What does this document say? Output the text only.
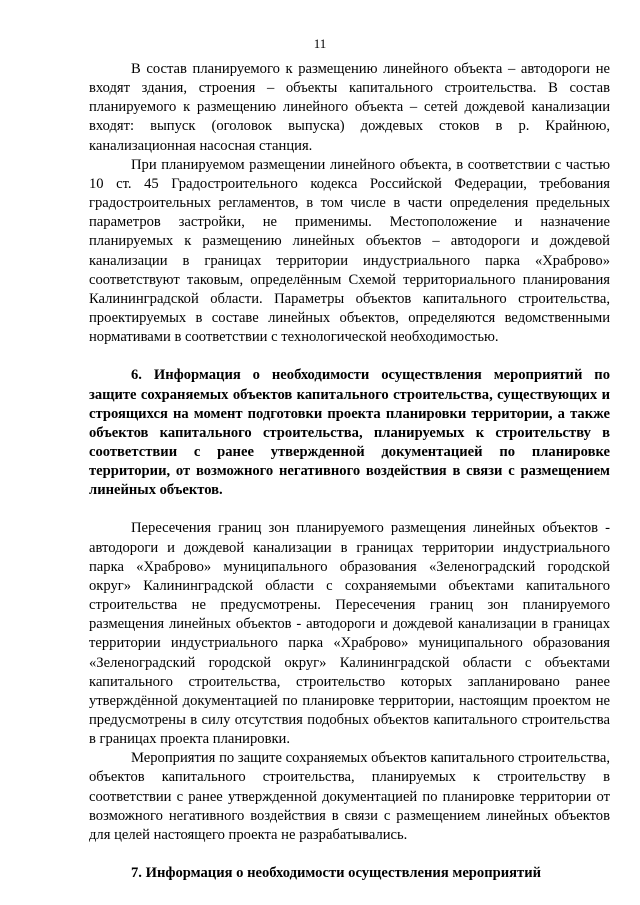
11

В состав планируемого к размещению линейного объекта – автодороги не входят здания, строения – объекты капитального строительства. В состав планируемого к размещению линейного объекта – сетей дождевой канализации входят: выпуск (оголовок выпуска) дождевых стоков в р. Крайнюю, канализационная насосная станция.

При планируемом размещении линейного объекта, в соответствии с частью 10 ст. 45 Градостроительного кодекса Российской Федерации, требования градостроительных регламентов, в том числе в части определения предельных параметров застройки, не применимы. Местоположение и назначение планируемых к размещению линейных объектов – автодороги и дождевой канализации в границах территории индустриального парка «Храброво» соответствуют таковым, определённым Схемой территориального планирования Калининградской области. Параметры объектов капитального строительства, проектируемых в составе линейных объектов, определяются ведомственными нормативами в соответствии с технологической необходимостью.

6. Информация о необходимости осуществления мероприятий по защите сохраняемых объектов капитального строительства, существующих и строящихся на момент подготовки проекта планировки территории, а также объектов капитального строительства, планируемых к строительству в соответствии с ранее утвержденной документацией по планировке территории, от возможного негативного воздействия в связи с размещением линейных объектов.

Пересечения границ зон планируемого размещения линейных объектов - автодороги и дождевой канализации в границах территории индустриального парка «Храброво» муниципального образования «Зеленоградский городской округ» Калининградской области с сохраняемыми объектами капитального строительства не предусмотрены. Пересечения границ зон планируемого размещения линейных объектов - автодороги и дождевой канализации в границах территории индустриального парка «Храброво» муниципального образования «Зеленоградский городской округ» Калининградской области с объектами капитального строительства, строительство которых запланировано ранее утверждённой документацией по планировке территории, настоящим проектом не предусмотрены в силу отсутствия подобных объектов капитального строительства в границах проекта планировки.

Мероприятия по защите сохраняемых объектов капитального строительства, объектов капитального строительства, планируемых к строительству в соответствии с ранее утвержденной документацией по планировке территории от возможного негативного воздействия в связи с размещением линейных объектов для целей настоящего проекта не разрабатывались.

7. Информация о необходимости осуществления мероприятий
